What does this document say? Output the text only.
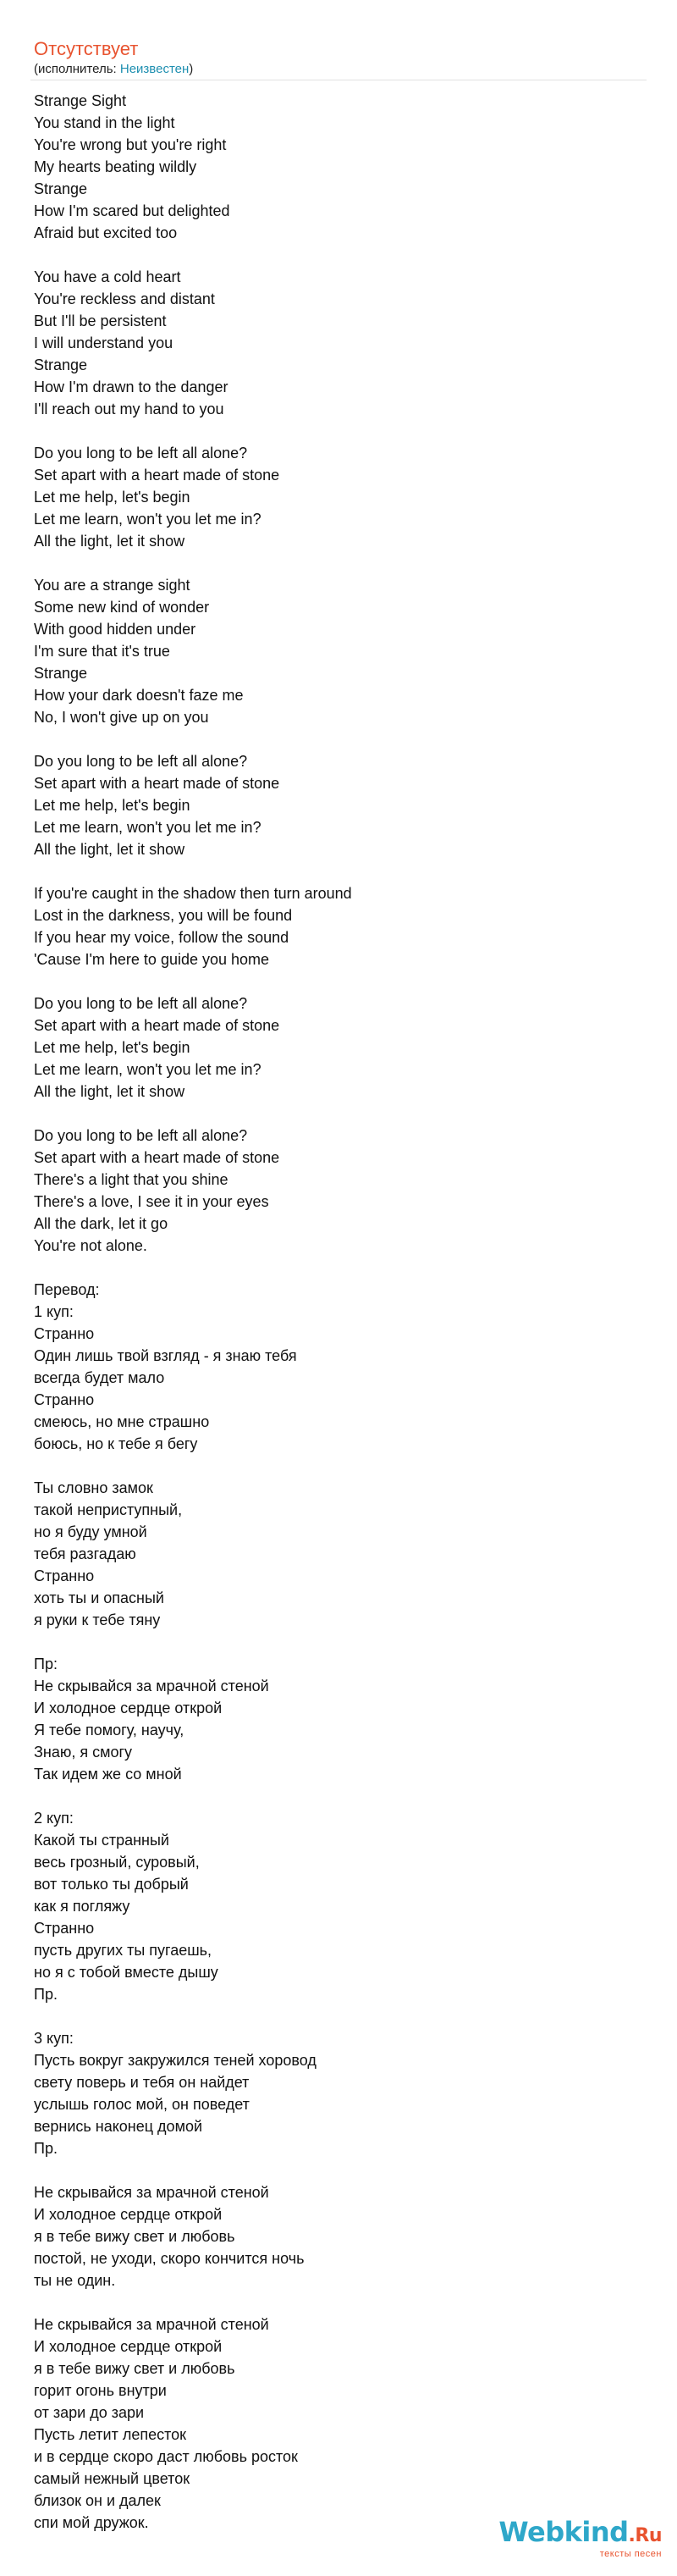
Отсутствует
(исполнитель: Неизвестен)
Strange Sight
You stand in the light
You're wrong but you're right
My hearts beating wildly
Strange
How I'm scared but delighted
Afraid but excited too
You have a cold heart
You're reckless and distant
But I'll be persistent
I will understand you
Strange
How I'm drawn to the danger
I'll reach out my hand to you
Do you long to be left all alone?
Set apart with a heart made of stone
Let me help, let's begin
Let me learn, won't you let me in?
All the light, let it show
You are a strange sight
Some new kind of wonder
With good hidden under
I'm sure that it's true
Strange
How your dark doesn't faze me
No, I won't give up on you
Do you long to be left all alone?
Set apart with a heart made of stone
Let me help, let's begin
Let me learn, won't you let me in?
All the light, let it show
If you're caught in the shadow then turn around
Lost in the darkness, you will be found
If you hear my voice, follow the sound
'Cause I'm here to guide you home
Do you long to be left all alone?
Set apart with a heart made of stone
Let me help, let's begin
Let me learn, won't you let me in?
All the light, let it show
Do you long to be left all alone?
Set apart with a heart made of stone
There's a light that you shine
There's a love, I see it in your eyes
All the dark, let it go
You're not alone.
Перевод:
1 куп:
Странно
Один лишь твой взгляд - я знаю тебя
всегда будет мало
Странно
смеюсь, но мне страшно
боюсь, но к тебе я бегу
Ты словно замок
такой неприступный,
но я буду умной
тебя разгадаю
Странно
хоть ты и опасный
я руки к тебе тяну
Пр:
Не скрывайся за мрачной стеной
И холодное сердце открой
Я тебе помогу, научу,
Знаю, я смогу
Так идем же со мной
2 куп:
Какой ты странный
весь грозный, суровый,
вот только ты добрый
как я погляжу
Странно
пусть других ты пугаешь,
но я с тобой вместе дышу
Пр.
3 куп:
Пусть вокруг закружился теней хоровод
свету поверь и тебя он найдет
услышь голос мой, он поведет
вернись наконец домой
Пр.
Не скрывайся за мрачной стеной
И холодное сердце открой
я в тебе вижу свет и любовь
постой, не уходи, скоро кончится ночь
ты не один.
Не скрывайся за мрачной стеной
И холодное сердце открой
я в тебе вижу свет и любовь
горит огонь внутри
от зари до зари
Пусть летит лепесток
и в сердце скоро даст любовь росток
самый нежный цветок
близок он и далек
спи мой дружок.	Webkind.Ru
тексты песен
